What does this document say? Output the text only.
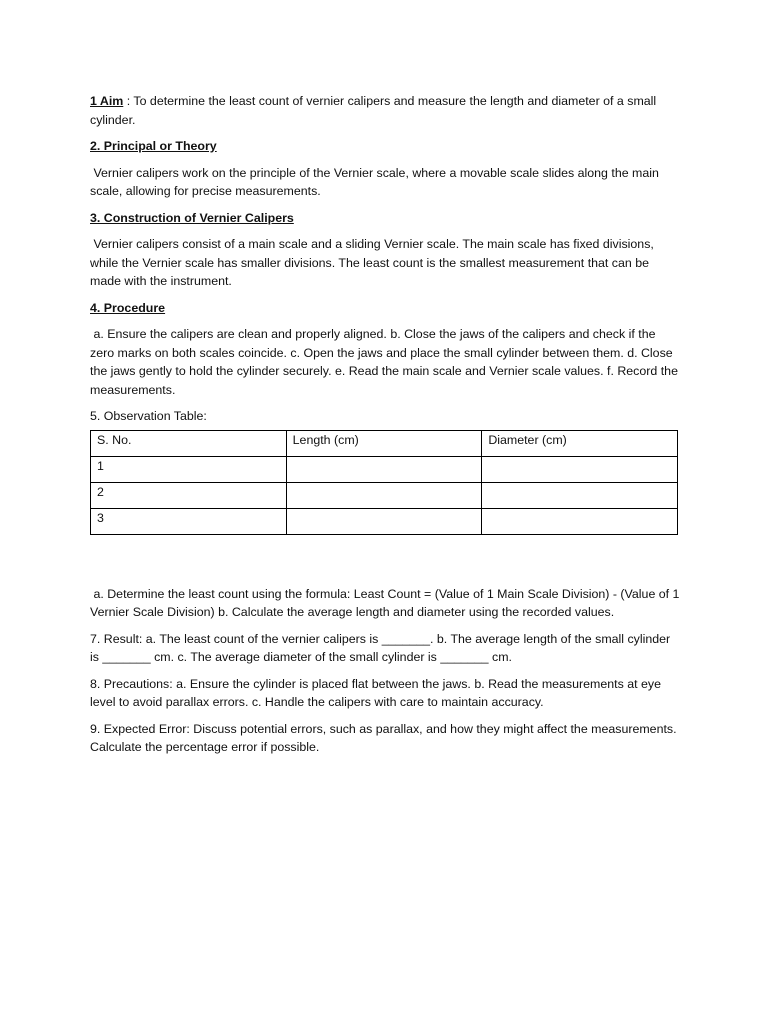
1 Aim : To determine the least count of vernier calipers and measure the length and diameter of a small cylinder.

2. Principal or Theory

Vernier calipers work on the principle of the Vernier scale, where a movable scale slides along the main scale, allowing for precise measurements.

3. Construction of Vernier Calipers

Vernier calipers consist of a main scale and a sliding Vernier scale. The main scale has fixed divisions, while the Vernier scale has smaller divisions. The least count is the smallest measurement that can be made with the instrument.

4. Procedure

a. Ensure the calipers are clean and properly aligned. b. Close the jaws of the calipers and check if the zero marks on both scales coincide. c. Open the jaws and place the small cylinder between them. d. Close the jaws gently to hold the cylinder securely. e. Read the main scale and Vernier scale values. f. Record the measurements.

5. Observation Table:

S. No.	Length (cm)	Diameter (cm)
1		
2		
3		

a. Determine the least count using the formula: Least Count = (Value of 1 Main Scale Division) - (Value of 1 Vernier Scale Division) b. Calculate the average length and diameter using the recorded values.

7. Result: a. The least count of the vernier calipers is _______. b. The average length of the small cylinder is _______ cm. c. The average diameter of the small cylinder is _______ cm.

8. Precautions: a. Ensure the cylinder is placed flat between the jaws. b. Read the measurements at eye level to avoid parallax errors. c. Handle the calipers with care to maintain accuracy.

9. Expected Error: Discuss potential errors, such as parallax, and how they might affect the measurements. Calculate the percentage error if possible.
